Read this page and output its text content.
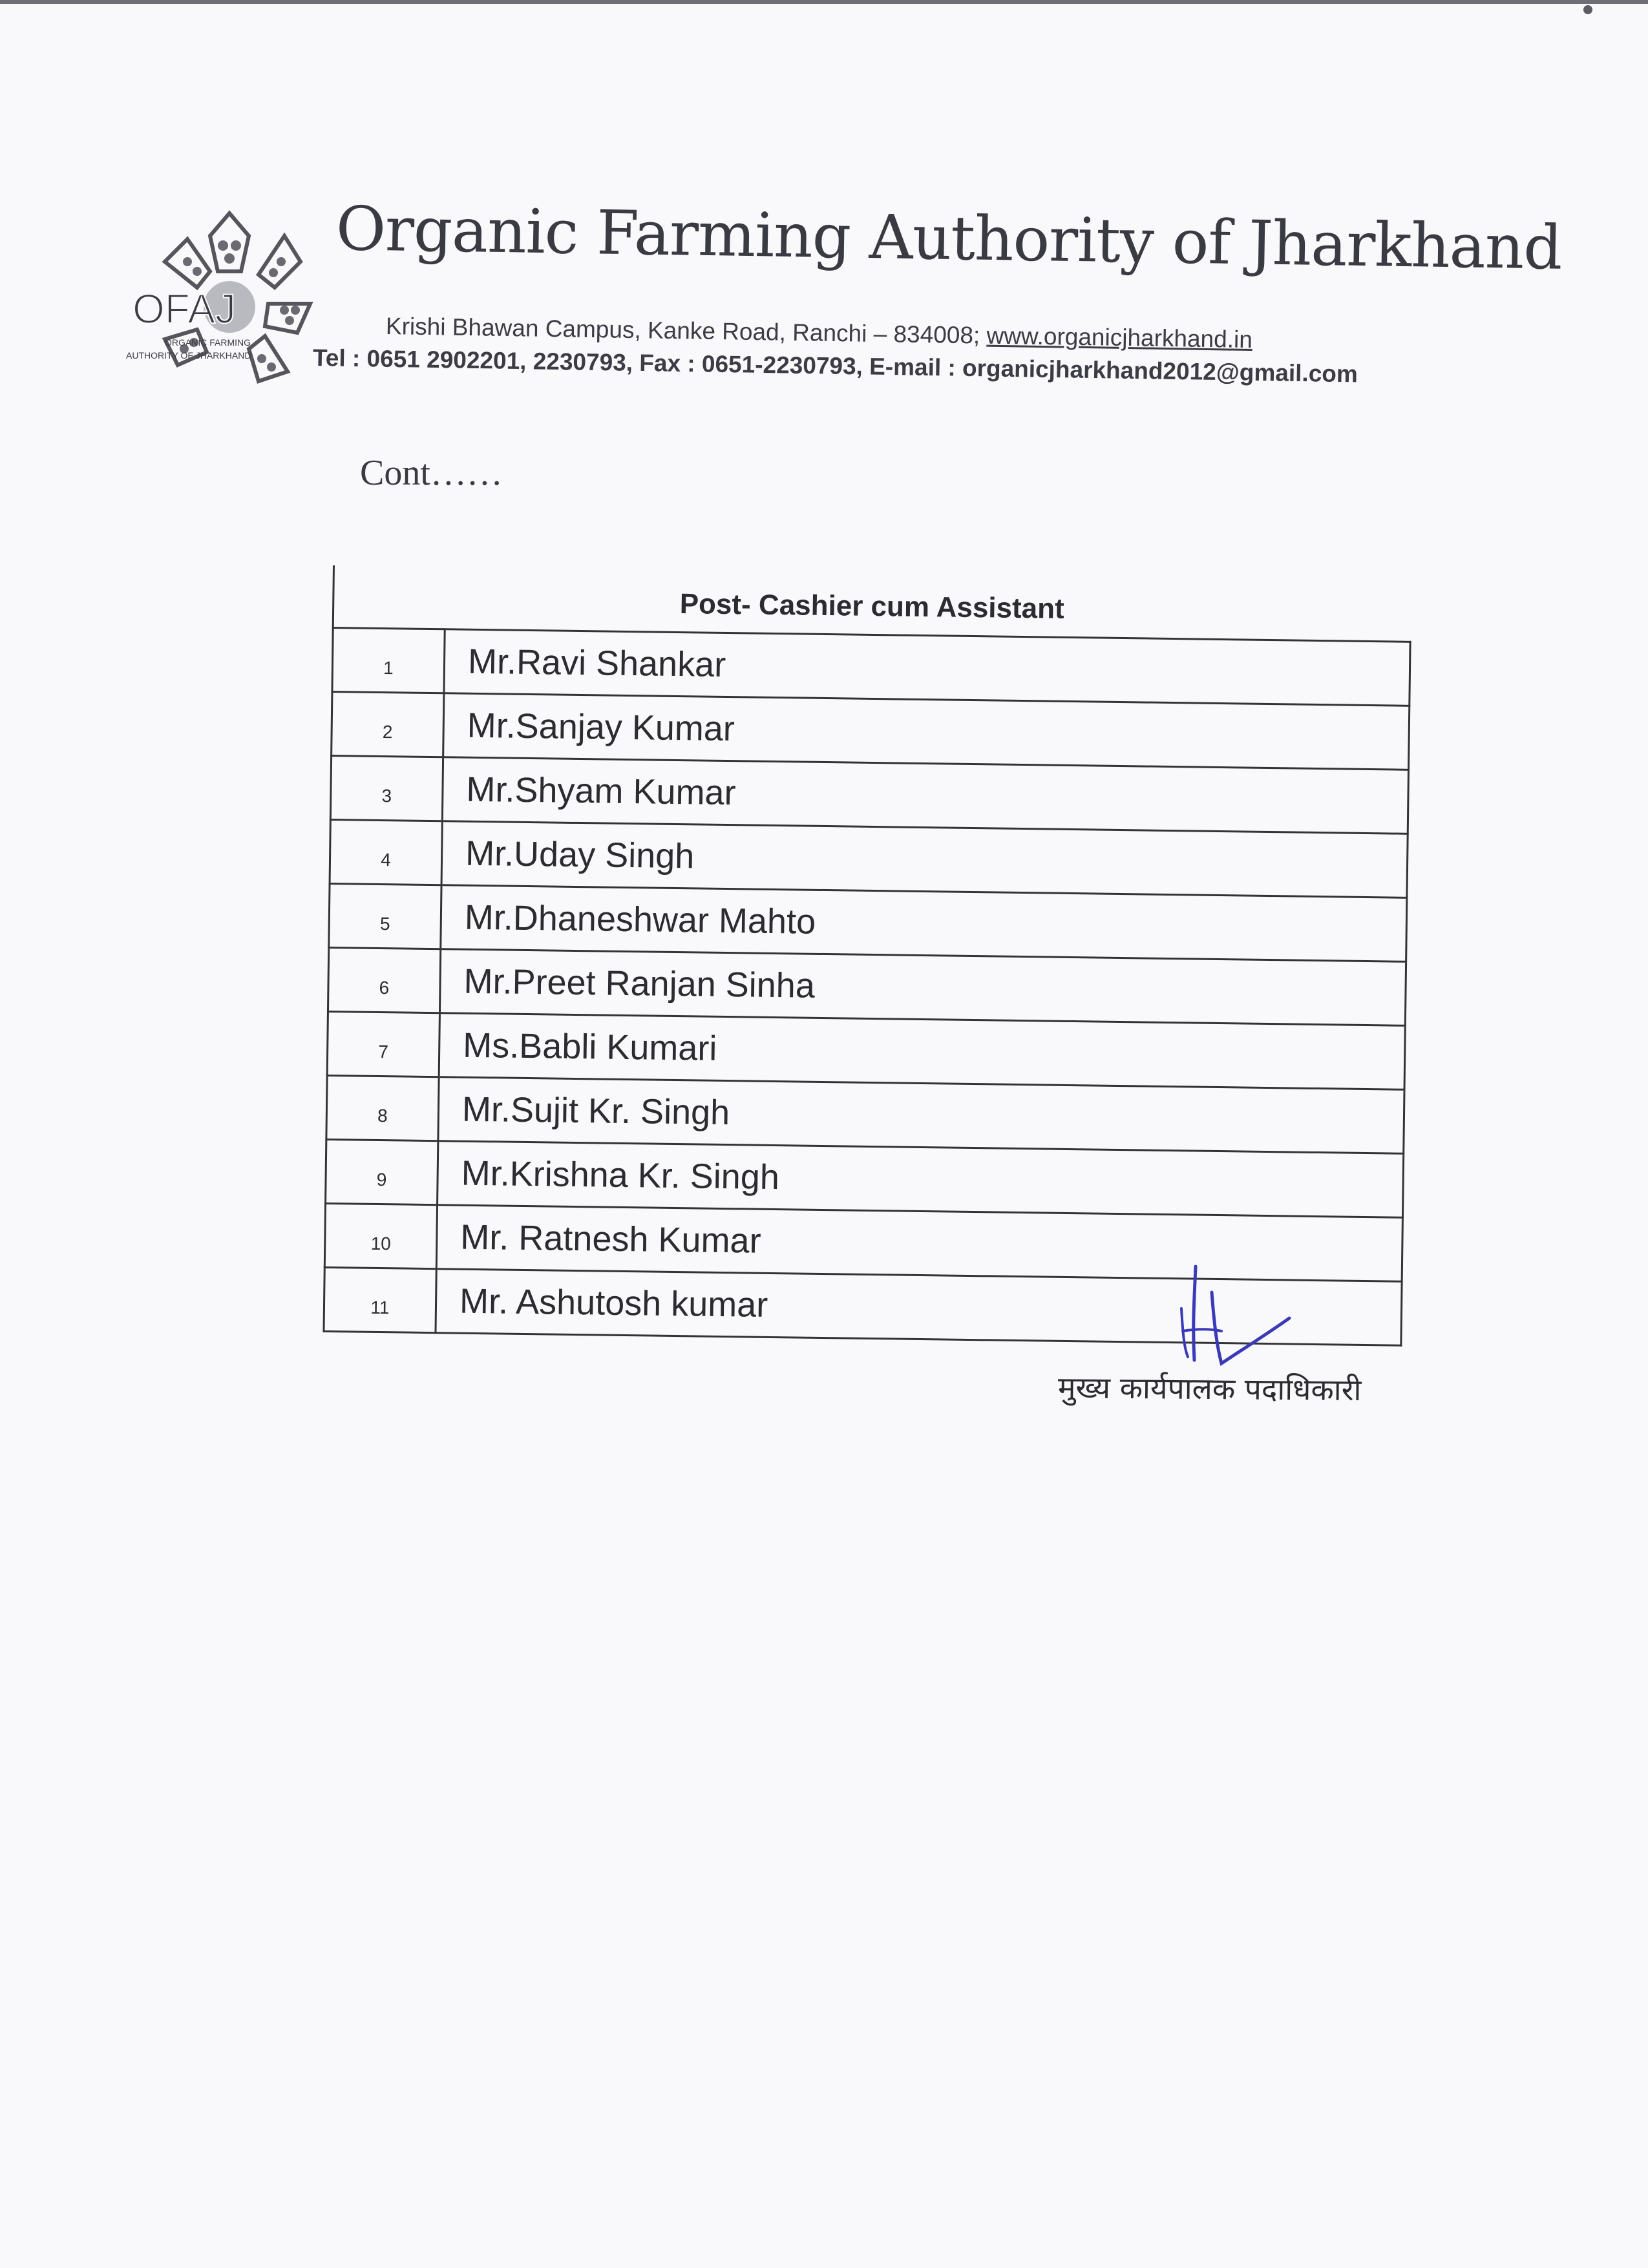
OFAJ
ORGANIC FARMING
AUTHORITY OF JHARKHAND
Organic Farming Authority of Jharkhand
Krishi Bhawan Campus, Kanke Road, Ranchi – 834008; www.organicjharkhand.in
Tel : 0651 2902201, 2230793, Fax : 0651-2230793, E-mail : organicjharkhand2012@gmail.com
Cont……
Post- Cashier cum Assistant
1	Mr.Ravi Shankar
2	Mr.Sanjay Kumar
3	Mr.Shyam Kumar
4	Mr.Uday Singh
5	Mr.Dhaneshwar Mahto
6	Mr.Preet Ranjan Sinha
7	Ms.Babli Kumari
8	Mr.Sujit Kr. Singh
9	Mr.Krishna Kr. Singh
10	Mr. Ratnesh Kumar
11	Mr. Ashutosh kumar
मुख्य कार्यपालक पदाधिकारी
